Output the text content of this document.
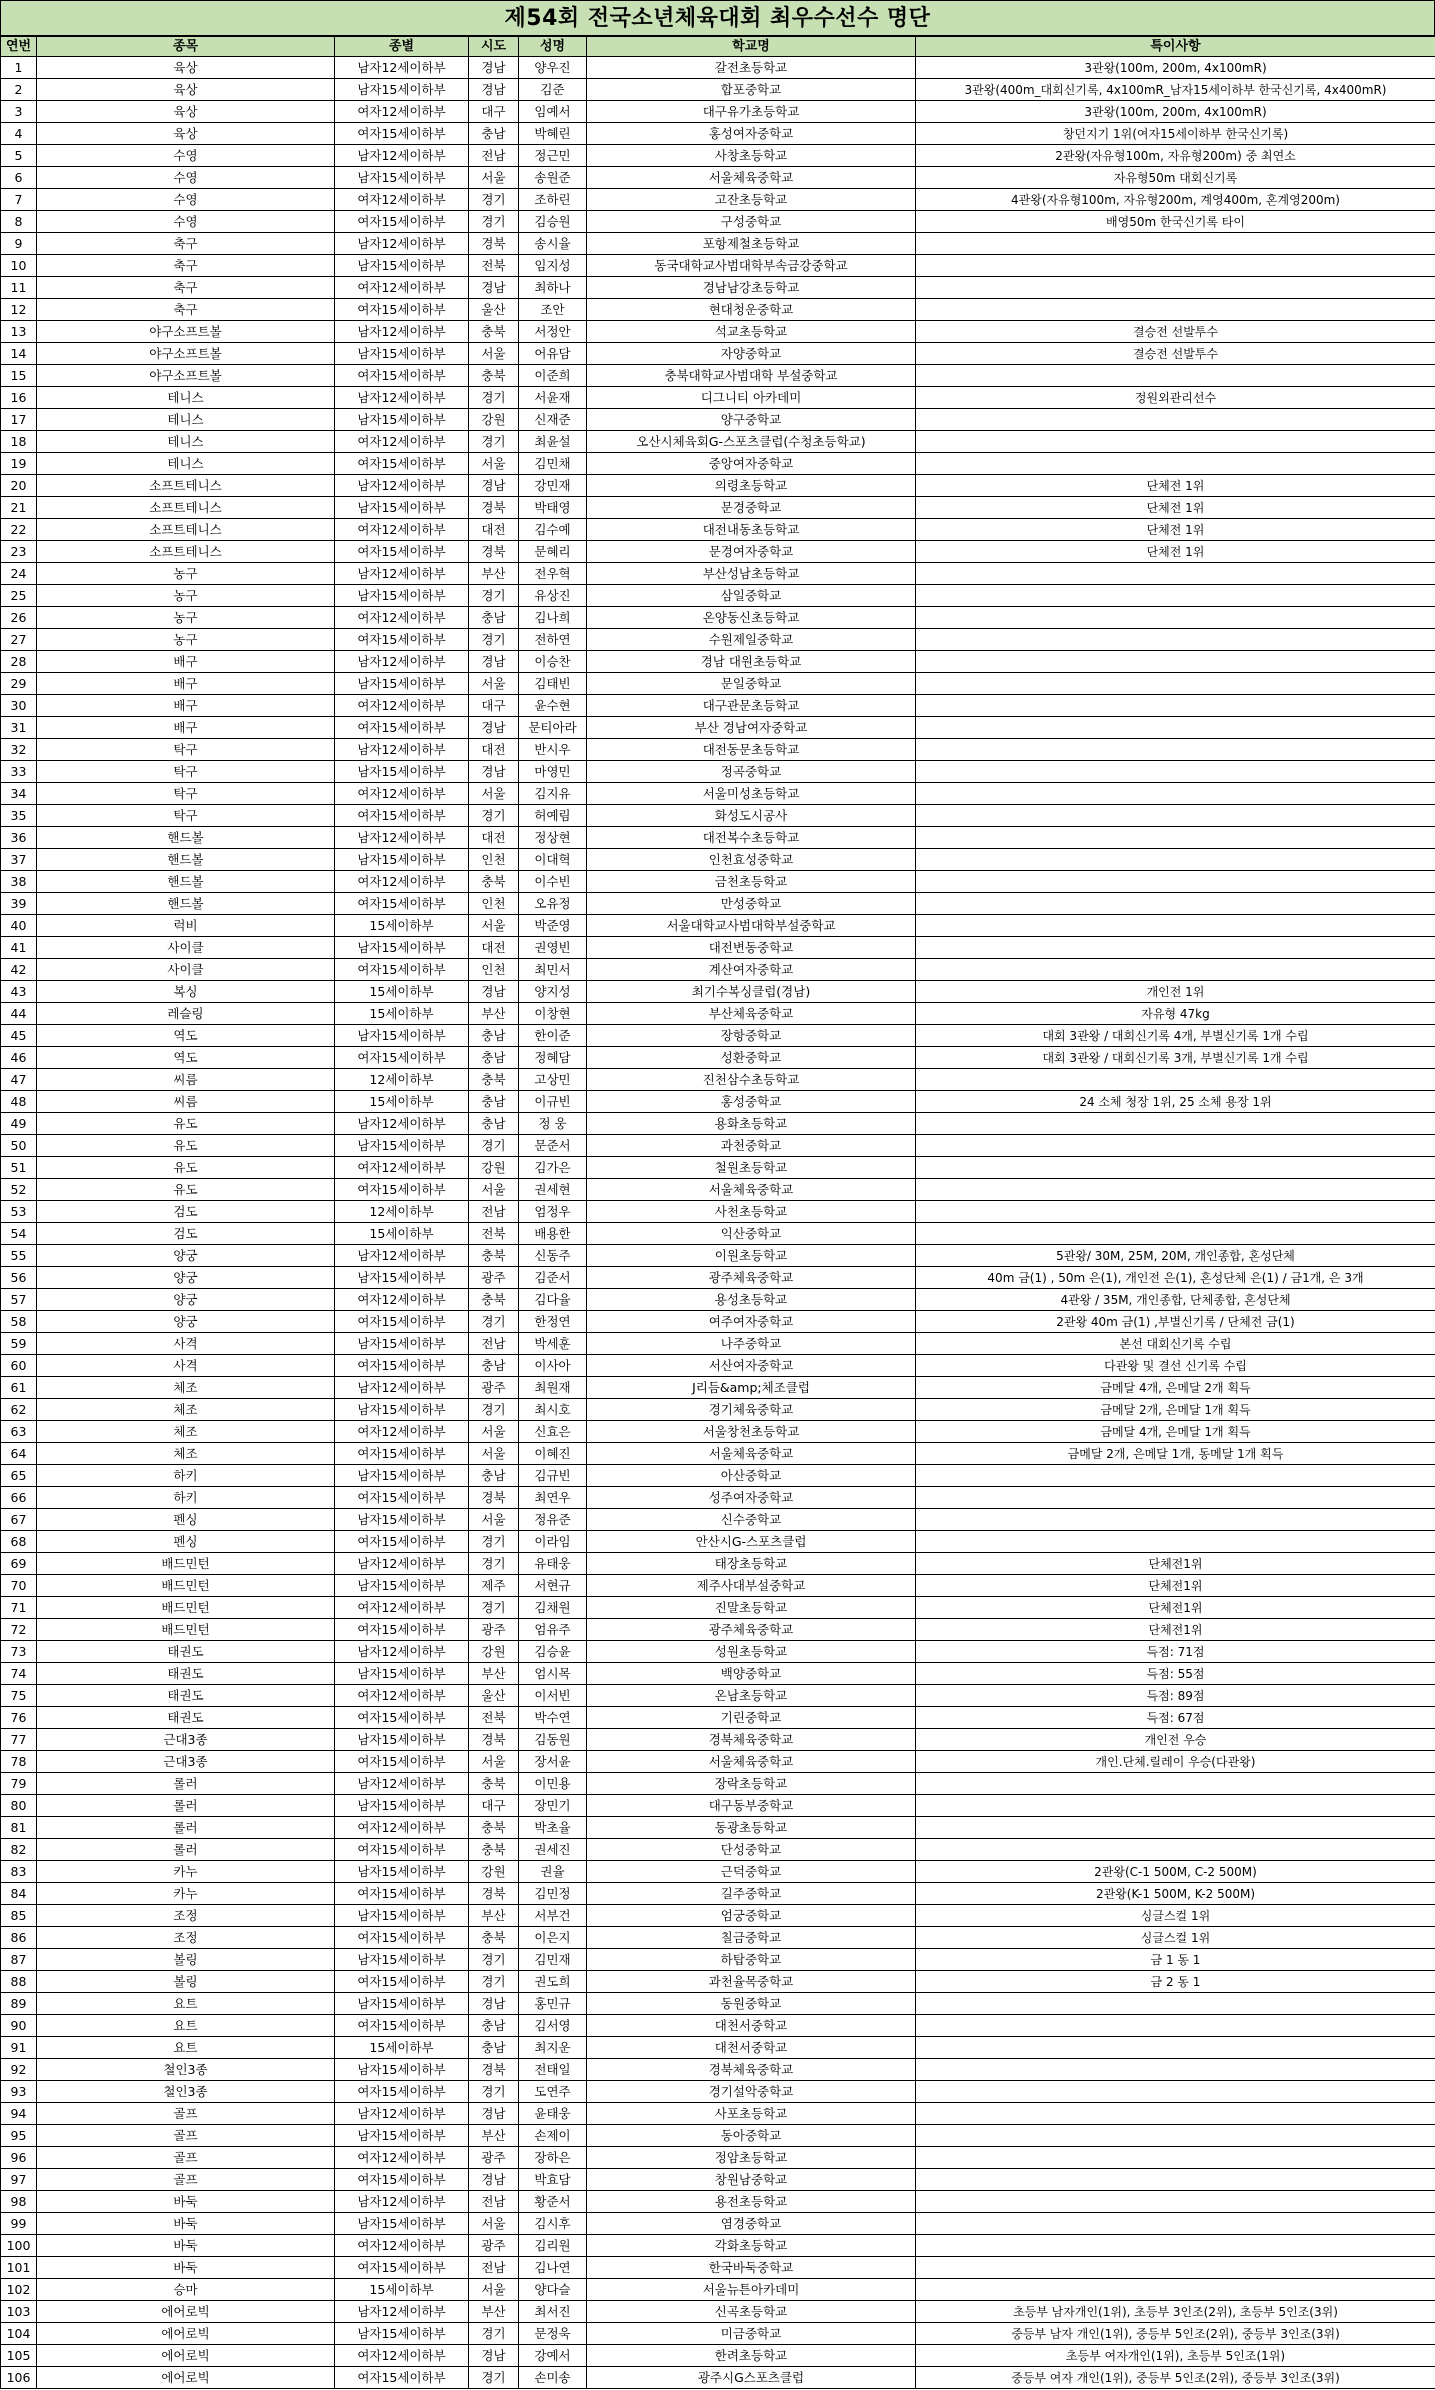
제54회 전국소년체육대회 최우수선수 명단
연번	종목	종별	시도	성명	학교명	특이사항
1	육상	남자12세이하부	경남	양우진	갈전초등학교	3관왕(100m, 200m, 4x100mR)
2	육상	남자15세이하부	경남	김준	합포중학교	3관왕(400m_대회신기록, 4x100mR_남자15세이하부 한국신기록, 4x400mR)
3	육상	여자12세이하부	대구	임예서	대구유가초등학교	3관왕(100m, 200m, 4x100mR)
4	육상	여자15세이하부	충남	박혜린	홍성여자중학교	창던지기 1위(여자15세이하부 한국신기록)
5	수영	남자12세이하부	전남	정근민	사창초등학교	2관왕(자유형100m, 자유형200m) 중 최연소
6	수영	남자15세이하부	서울	송원준	서울체육중학교	자유형50m 대회신기록
7	수영	여자12세이하부	경기	조하린	고잔초등학교	4관왕(자유형100m, 자유형200m, 계영400m, 혼계영200m)
8	수영	여자15세이하부	경기	김승원	구성중학교	배영50m 한국신기록 타이
9	축구	남자12세이하부	경북	송시율	포항제철초등학교	
10	축구	남자15세이하부	전북	임지성	동국대학교사범대학부속금강중학교	
11	축구	여자12세이하부	경남	최하나	경남남강초등학교	
12	축구	여자15세이하부	울산	조안	현대청운중학교	
13	야구소프트볼	남자12세이하부	충북	서정안	석교초등학교	결승전 선발투수
14	야구소프트볼	남자15세이하부	서울	어유담	자양중학교	결승전 선발투수
15	야구소프트볼	여자15세이하부	충북	이준희	충북대학교사범대학 부설중학교	
16	테니스	남자12세이하부	경기	서윤재	디그니티 아카데미	정원외관리선수
17	테니스	남자15세이하부	강원	신재준	양구중학교	
18	테니스	여자12세이하부	경기	최윤설	오산시체육회G-스포츠클럽(수청초등학교)	
19	테니스	여자15세이하부	서울	김민채	중앙여자중학교	
20	소프트테니스	남자12세이하부	경남	강민재	의령초등학교	단체전 1위
21	소프트테니스	남자15세이하부	경북	박태영	문경중학교	단체전 1위
22	소프트테니스	여자12세이하부	대전	김수예	대전내동초등학교	단체전 1위
23	소프트테니스	여자15세이하부	경북	문혜리	문경여자중학교	단체전 1위
24	농구	남자12세이하부	부산	전우혁	부산성남초등학교	
25	농구	남자15세이하부	경기	유상진	삼일중학교	
26	농구	여자12세이하부	충남	김나희	온양동신초등학교	
27	농구	여자15세이하부	경기	전하연	수원제일중학교	
28	배구	남자12세이하부	경남	이승찬	경남 대원초등학교	
29	배구	남자15세이하부	서울	김태빈	문일중학교	
30	배구	여자12세이하부	대구	윤수현	대구관문초등학교	
31	배구	여자15세이하부	경남	문티아라	부산 경남여자중학교	
32	탁구	남자12세이하부	대전	반시우	대전동문초등학교	
33	탁구	남자15세이하부	경남	마영민	정곡중학교	
34	탁구	여자12세이하부	서울	김지유	서울미성초등학교	
35	탁구	여자15세이하부	경기	허예림	화성도시공사	
36	핸드볼	남자12세이하부	대전	정상현	대전복수초등학교	
37	핸드볼	남자15세이하부	인천	이대혁	인천효성중학교	
38	핸드볼	여자12세이하부	충북	이수빈	금천초등학교	
39	핸드볼	여자15세이하부	인천	오유정	만성중학교	
40	럭비	15세이하부	서울	박준영	서울대학교사범대학부설중학교	
41	사이클	남자15세이하부	대전	권영빈	대전변동중학교	
42	사이클	여자15세이하부	인천	최민서	계산여자중학교	
43	복싱	15세이하부	경남	양지성	최기수복싱클럽(경남)	개인전 1위
44	레슬링	15세이하부	부산	이창현	부산체육중학교	자유형 47kg
45	역도	남자15세이하부	충남	한이준	장항중학교	대회 3관왕 / 대회신기록 4개, 부별신기록 1개 수립
46	역도	여자15세이하부	충남	정혜담	성환중학교	대회 3관왕 / 대회신기록 3개, 부별신기록 1개 수립
47	씨름	12세이하부	충북	고상민	진천삼수초등학교	
48	씨름	15세이하부	충남	이규빈	홍성중학교	24 소체 청장 1위, 25 소체 용장 1위
49	유도	남자12세이하부	충남	정 웅	용화초등학교	
50	유도	남자15세이하부	경기	문준서	과천중학교	
51	유도	여자12세이하부	강원	김가은	철원초등학교	
52	유도	여자15세이하부	서울	권세현	서울체육중학교	
53	검도	12세이하부	전남	엄정우	사천초등학교	
54	검도	15세이하부	전북	배용한	익산중학교	
55	양궁	남자12세이하부	충북	신동주	이원초등학교	5관왕/ 30M, 25M, 20M, 개인종합, 혼성단체
56	양궁	남자15세이하부	광주	김준서	광주체육중학교	40m 금(1) , 50m 은(1), 개인전 은(1), 혼성단체 은(1) / 금1개, 은 3개
57	양궁	여자12세이하부	충북	김다율	용성초등학교	4관왕 / 35M, 개인종합, 단체종합, 혼성단체
58	양궁	여자15세이하부	경기	한정연	여주여자중학교	2관왕 40m 금(1) ,부별신기록 / 단체전 금(1)
59	사격	남자15세이하부	전남	박세훈	나주중학교	본선 대회신기록 수립
60	사격	여자15세이하부	충남	이사아	서산여자중학교	다관왕 및 결선 신기록 수립
61	체조	남자12세이하부	광주	최원재	J리듬&amp;체조클럽	금메달 4개, 은메달 2개 획득
62	체조	남자15세이하부	경기	최시호	경기체육중학교	금메달 2개, 은메달 1개 획득
63	체조	여자12세이하부	서울	신효은	서울창천초등학교	금메달 4개, 은메달 1개 획득
64	체조	여자15세이하부	서울	이혜진	서울체육중학교	금메달 2개, 은메달 1개, 동메달 1개 획득
65	하키	남자15세이하부	충남	김규빈	아산중학교	
66	하키	여자15세이하부	경북	최연우	성주여자중학교	
67	펜싱	남자15세이하부	서울	정유준	신수중학교	
68	펜싱	여자15세이하부	경기	이라임	안산시G-스포츠클럽	
69	배드민턴	남자12세이하부	경기	유태웅	태장초등학교	단체전1위
70	배드민턴	남자15세이하부	제주	서현규	제주사대부설중학교	단체전1위
71	배드민턴	여자12세이하부	경기	김채원	진말초등학교	단체전1위
72	배드민턴	여자15세이하부	광주	엄유주	광주체육중학교	단체전1위
73	태권도	남자12세이하부	강원	김승윤	성원초등학교	득점: 71점
74	태권도	남자15세이하부	부산	엄시목	백양중학교	득점: 55점
75	태권도	여자12세이하부	울산	이서빈	온남초등학교	득점: 89점
76	태권도	여자15세이하부	전북	박수연	기린중학교	득점: 67점
77	근대3종	남자15세이하부	경북	김동원	경북체육중학교	개인전 우승
78	근대3종	여자15세이하부	서울	장서윤	서울체육중학교	개인.단체.릴레이 우승(다관왕)
79	롤러	남자12세이하부	충북	이민용	장락초등학교	
80	롤러	남자15세이하부	대구	장민기	대구동부중학교	
81	롤러	여자12세이하부	충북	박초율	동광초등학교	
82	롤러	여자15세이하부	충북	권세진	단성중학교	
83	카누	남자15세이하부	강원	권율	근덕중학교	2관왕(C-1 500M, C-2 500M)
84	카누	여자15세이하부	경북	김민정	길주중학교	2관왕(K-1 500M, K-2 500M)
85	조정	남자15세이하부	부산	서부건	엄궁중학교	싱글스컬 1위
86	조정	여자15세이하부	충북	이은지	칠금중학교	싱글스컬 1위
87	볼링	남자15세이하부	경기	김민재	하탑중학교	금 1 동 1
88	볼링	여자15세이하부	경기	권도희	과천율목중학교	금 2 동 1
89	요트	남자15세이하부	경남	홍민규	동원중학교	
90	요트	여자15세이하부	충남	김서영	대천서중학교	
91	요트	15세이하부	충남	최지운	대천서중학교	
92	철인3종	남자15세이하부	경북	전태일	경북체육중학교	
93	철인3종	여자15세이하부	경기	도연주	경기설악중학교	
94	골프	남자12세이하부	경남	윤태웅	사포초등학교	
95	골프	남자15세이하부	부산	손제이	동아중학교	
96	골프	여자12세이하부	광주	장하은	정암초등학교	
97	골프	여자15세이하부	경남	박효담	창원남중학교	
98	바둑	남자12세이하부	전남	황준서	용전초등학교	
99	바둑	남자15세이하부	서울	김시후	염경중학교	
100	바둑	여자12세이하부	광주	김리원	각화초등학교	
101	바둑	여자15세이하부	전남	김나연	한국바둑중학교	
102	승마	15세이하부	서울	양다슬	서울뉴튼아카데미	
103	에어로빅	남자12세이하부	부산	최서진	신곡초등학교	초등부 남자개인(1위), 초등부 3인조(2위), 초등부 5인조(3위)
104	에어로빅	남자15세이하부	경기	문정욱	미금중학교	중등부 남자 개인(1위), 중등부 5인조(2위), 중등부 3인조(3위)
105	에어로빅	여자12세이하부	경남	강예서	한려초등학교	초등부 여자개인(1위), 초등부 5인조(1위)
106	에어로빅	여자15세이하부	경기	손미송	광주시G스포츠클럽	중등부 여자 개인(1위), 중등부 5인조(2위), 중등부 3인조(3위)
